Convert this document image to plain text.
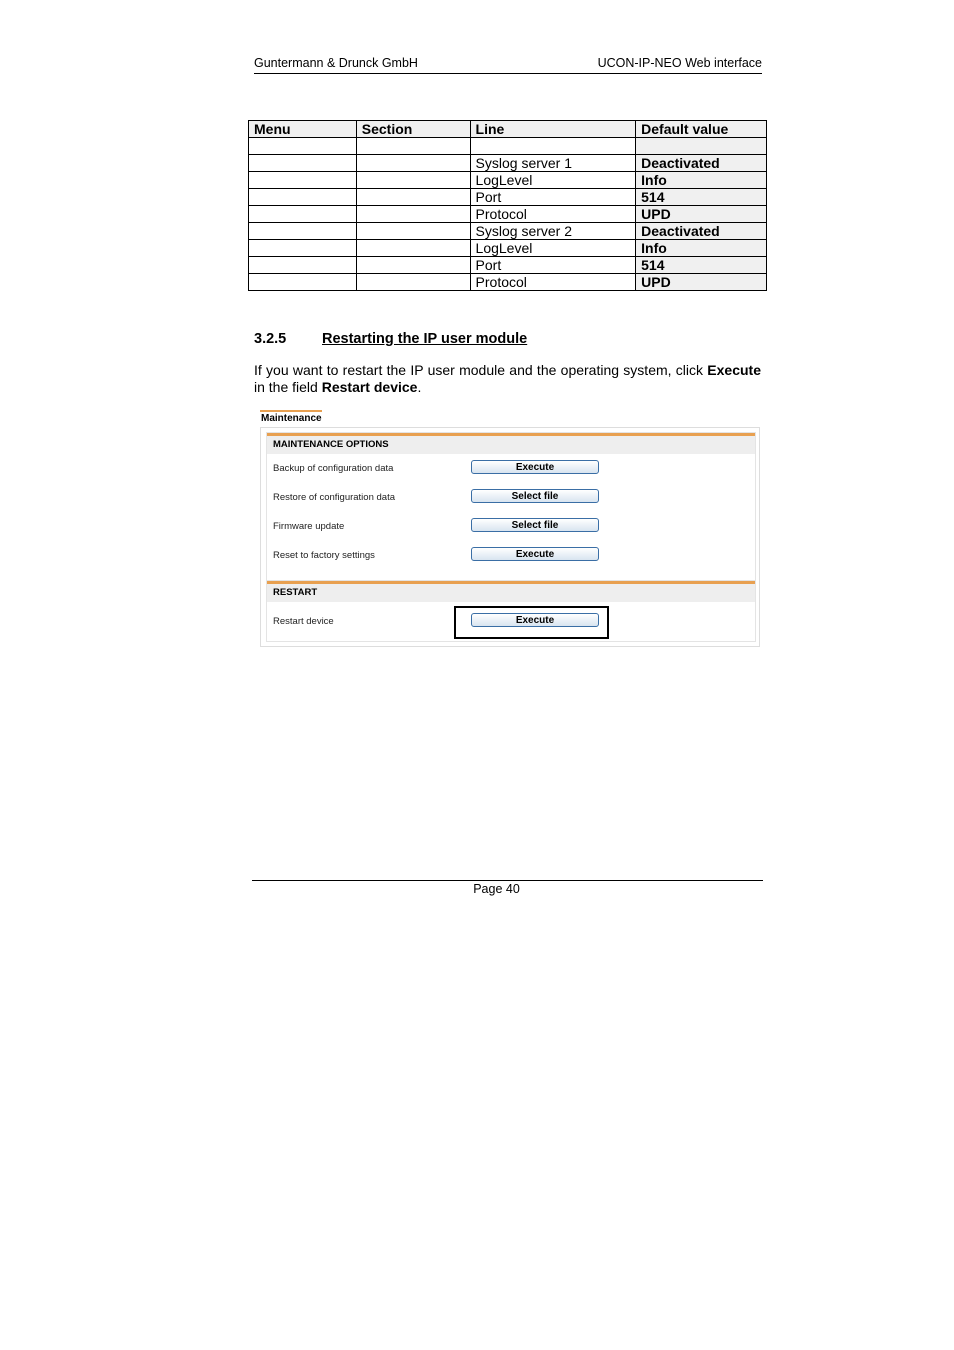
Guntermann & Drunck GmbH	UCON-IP-NEO Web interface
Menu	Section	Line	Default value

		Syslog server 1	Deactivated
		LogLevel	Info
		Port	514
		Protocol	UPD
		Syslog server 2	Deactivated
		LogLevel	Info
		Port	514
		Protocol	UPD
3.2.5 Restarting the IP user module
If you want to restart the IP user module and the operating system, click Execute in the field Restart device.
Maintenance
MAINTENANCE OPTIONS
Backup of configuration data	Execute
Restore of configuration data	Select file
Firmware update	Select file
Reset to factory settings	Execute
RESTART
Restart device	Execute
Page 40
